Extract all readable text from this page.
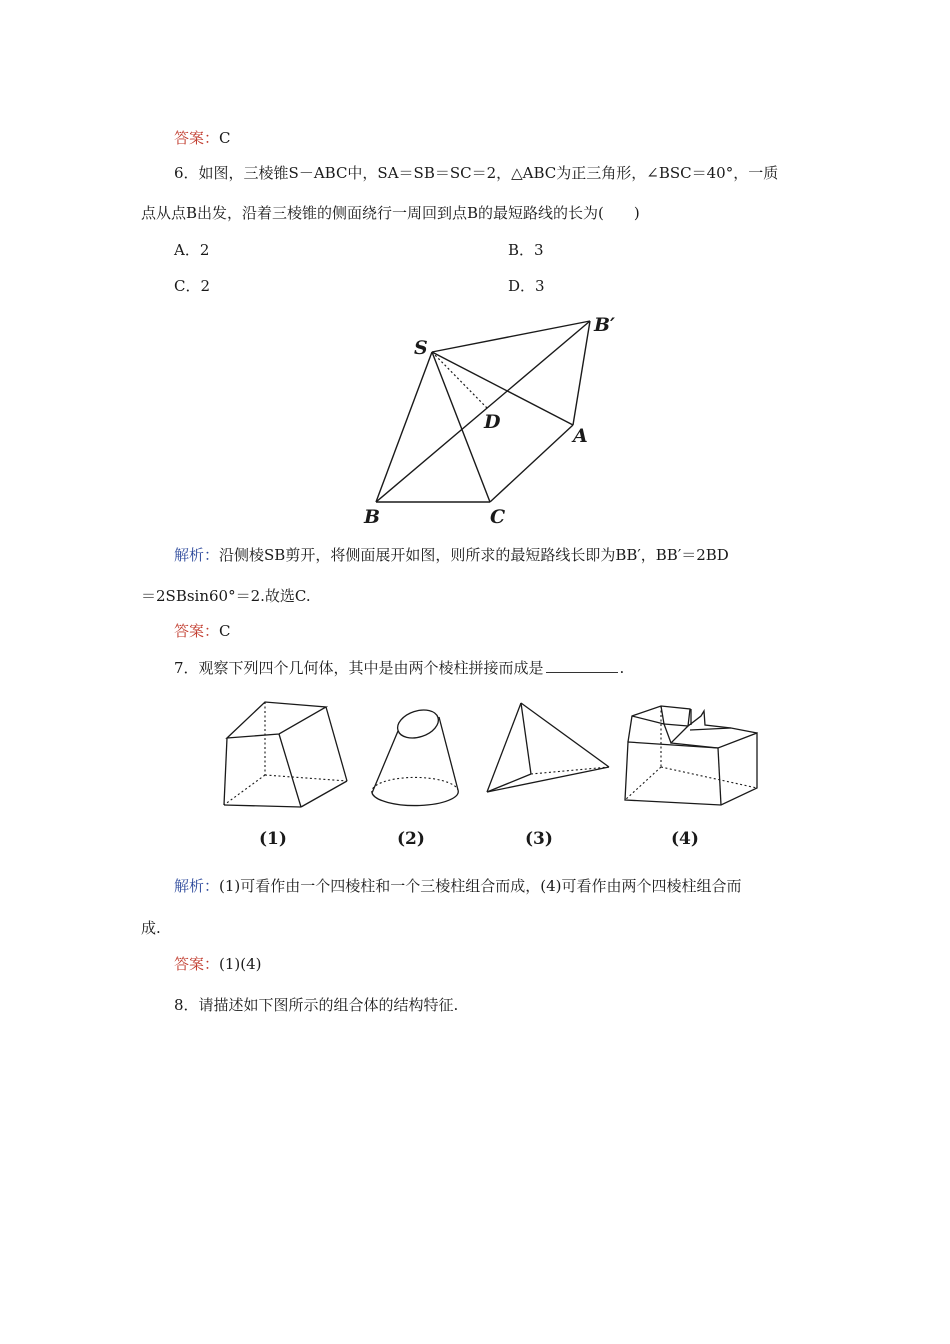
答案：C
6．如图，三棱锥S－ABC中，SA＝SB＝SC＝2，△ABC为正三角形，∠BSC＝40°，一质
点从点B出发，沿着三棱锥的侧面绕行一周回到点B的最短路线的长为(　　)
A．2	B．3
C．2	D．3
S
B′
D
A
B	C
解析：沿侧棱SB剪开，将侧面展开如图，则所求的最短路线长即为BB′，BB′＝2BD
＝2SBsin60°＝2.故选C.
答案：C
7．观察下列四个几何体，其中是由两个棱柱拼接而成是	.
(1)	(2)	(3)	(4)
解析：(1)可看作由一个四棱柱和一个三棱柱组合而成，(4)可看作由两个四棱柱组合而
成.
答案：(1)(4)
8．请描述如下图所示的组合体的结构特征.
